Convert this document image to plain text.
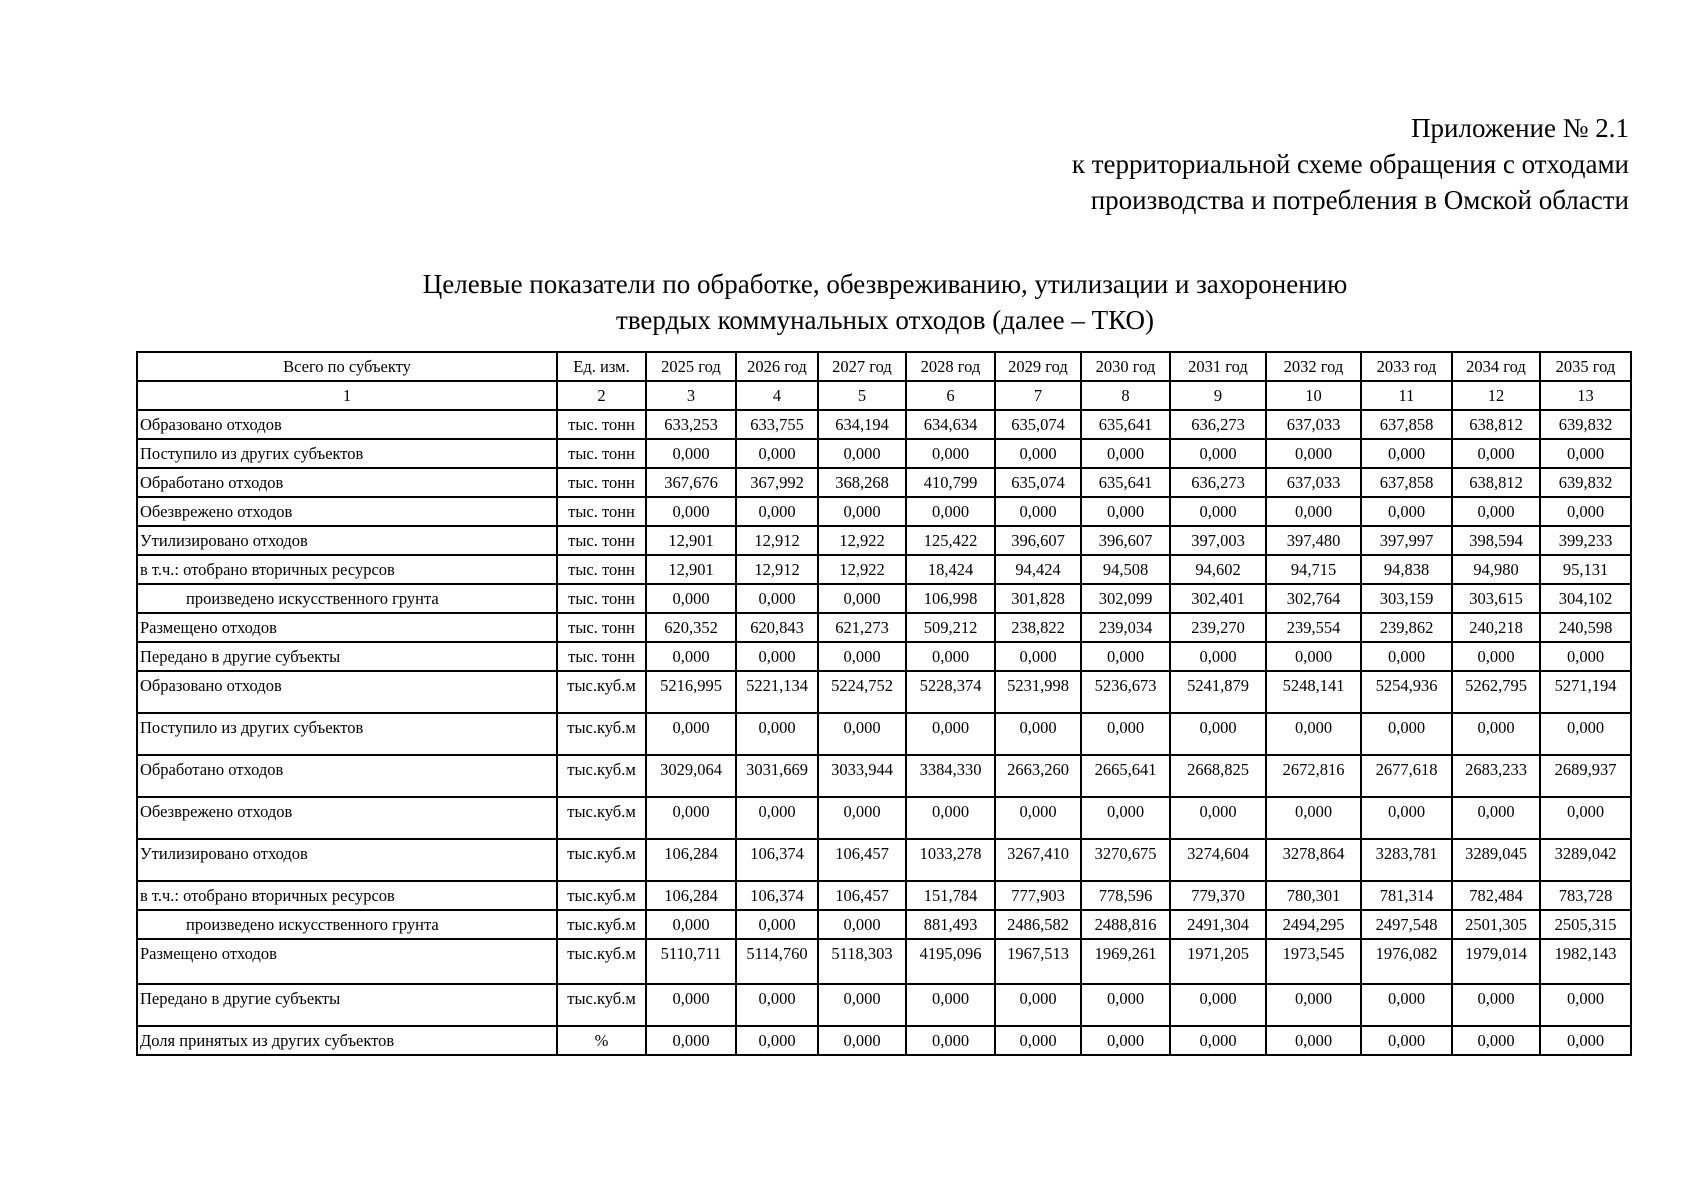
Приложение № 2.1
к территориальной схеме обращения с отходами
производства и потребления в Омской области
Целевые показатели по обработке, обезвреживанию, утилизации и захоронению
твердых коммунальных отходов (далее – ТКО)
Всего по субъекту	Ед. изм.	2025 год	2026 год	2027 год	2028 год	2029 год	2030 год	2031 год	2032 год	2033 год	2034 год	2035 год
1	2	3	4	5	6	7	8	9	10	11	12	13
Образовано отходов	тыс. тонн	633,253	633,755	634,194	634,634	635,074	635,641	636,273	637,033	637,858	638,812	639,832
Поступило из других субъектов	тыс. тонн	0,000	0,000	0,000	0,000	0,000	0,000	0,000	0,000	0,000	0,000	0,000
Обработано отходов	тыс. тонн	367,676	367,992	368,268	410,799	635,074	635,641	636,273	637,033	637,858	638,812	639,832
Обезврежено отходов	тыс. тонн	0,000	0,000	0,000	0,000	0,000	0,000	0,000	0,000	0,000	0,000	0,000
Утилизировано отходов	тыс. тонн	12,901	12,912	12,922	125,422	396,607	396,607	397,003	397,480	397,997	398,594	399,233
в т.ч.: отобрано вторичных ресурсов	тыс. тонн	12,901	12,912	12,922	18,424	94,424	94,508	94,602	94,715	94,838	94,980	95,131
произведено искусственного грунта	тыс. тонн	0,000	0,000	0,000	106,998	301,828	302,099	302,401	302,764	303,159	303,615	304,102
Размещено отходов	тыс. тонн	620,352	620,843	621,273	509,212	238,822	239,034	239,270	239,554	239,862	240,218	240,598
Передано в другие субъекты	тыс. тонн	0,000	0,000	0,000	0,000	0,000	0,000	0,000	0,000	0,000	0,000	0,000
Образовано отходов	тыс.куб.м	5216,995	5221,134	5224,752	5228,374	5231,998	5236,673	5241,879	5248,141	5254,936	5262,795	5271,194
Поступило из других субъектов	тыс.куб.м	0,000	0,000	0,000	0,000	0,000	0,000	0,000	0,000	0,000	0,000	0,000
Обработано отходов	тыс.куб.м	3029,064	3031,669	3033,944	3384,330	2663,260	2665,641	2668,825	2672,816	2677,618	2683,233	2689,937
Обезврежено отходов	тыс.куб.м	0,000	0,000	0,000	0,000	0,000	0,000	0,000	0,000	0,000	0,000	0,000
Утилизировано отходов	тыс.куб.м	106,284	106,374	106,457	1033,278	3267,410	3270,675	3274,604	3278,864	3283,781	3289,045	3289,042
в т.ч.: отобрано вторичных ресурсов	тыс.куб.м	106,284	106,374	106,457	151,784	777,903	778,596	779,370	780,301	781,314	782,484	783,728
произведено искусственного грунта	тыс.куб.м	0,000	0,000	0,000	881,493	2486,582	2488,816	2491,304	2494,295	2497,548	2501,305	2505,315
Размещено отходов	тыс.куб.м	5110,711	5114,760	5118,303	4195,096	1967,513	1969,261	1971,205	1973,545	1976,082	1979,014	1982,143
Передано в другие субъекты	тыс.куб.м	0,000	0,000	0,000	0,000	0,000	0,000	0,000	0,000	0,000	0,000	0,000
Доля принятых из других субъектов	%	0,000	0,000	0,000	0,000	0,000	0,000	0,000	0,000	0,000	0,000	0,000
